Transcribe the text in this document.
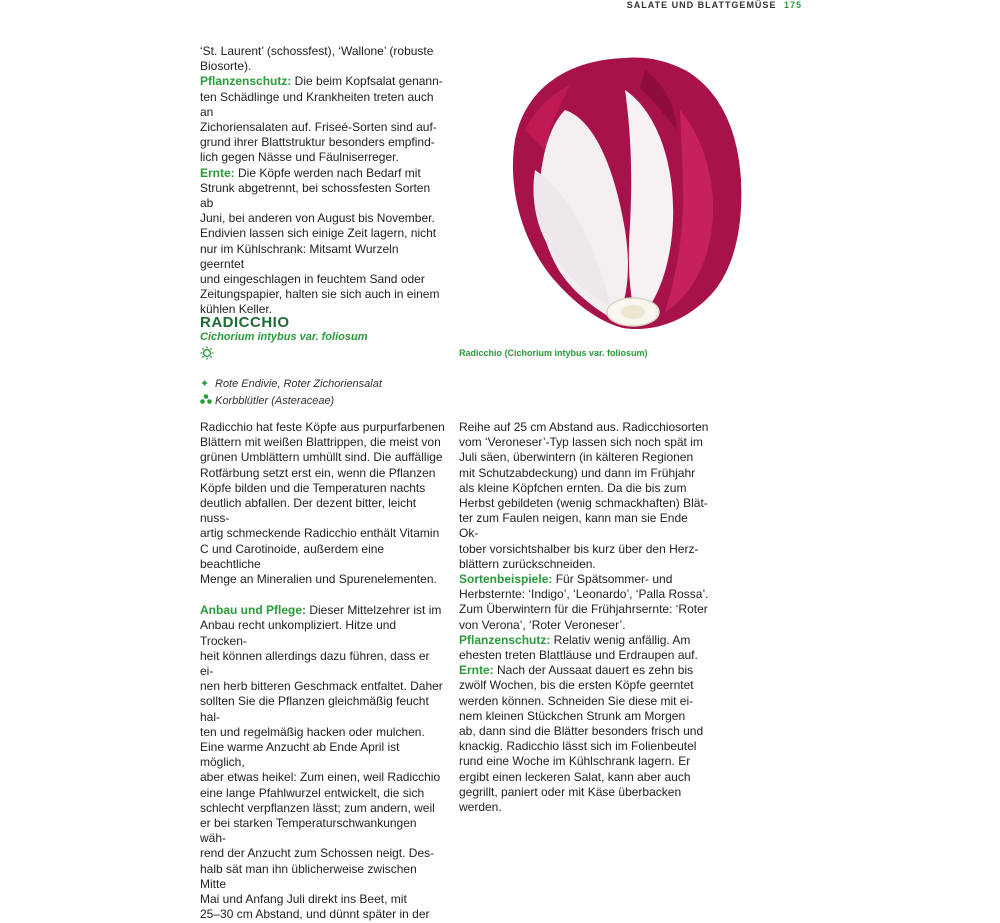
SALATE UND BLATTGEMÜSE 175

‘St. Laurent’ (schossfest), ‘Wallone’ (robuste

Biosorte).

Pflanzenschutz: Die beim Kopfsalat genann-

ten Schädlinge und Krankheiten treten auch an

Zichoriensalaten auf. Friseé-Sorten sind auf-

grund ihrer Blattstruktur besonders empfind-

lich gegen Nässe und Fäulniserreger.

Ernte: Die Köpfe werden nach Bedarf mit

Strunk abgetrennt, bei schossfesten Sorten ab

Juni, bei anderen von August bis November.

Endivien lassen sich einige Zeit lagern, nicht

nur im Kühlschrank: Mitsamt Wurzeln geerntet

und eingeschlagen in feuchtem Sand oder

Zeitungspapier, halten sie sich auch in einem

kühlen Keller.

Radicchio (Cichorium intybus var. foliosum)
RADICCHIO
Cichorium intybus var. foliosum
✦ Rote Endivie, Roter Zichoriensalat
Korbblütler (Asteraceae)

Radicchio hat feste Köpfe aus purpurfarbenen

Blättern mit weißen Blattrippen, die meist von

grünen Umblättern umhüllt sind. Die auffällige

Rotfärbung setzt erst ein, wenn die Pflanzen

Köpfe bilden und die Temperaturen nachts

deutlich abfallen. Der dezent bitter, leicht nuss-

artig schmeckende Radicchio enthält Vitamin

C und Carotinoide, außerdem eine beachtliche

Menge an Mineralien und Spurenelementen.

Anbau und Pflege: Dieser Mittelzehrer ist im

Anbau recht unkompliziert. Hitze und Trocken-

heit können allerdings dazu führen, dass er ei-

nen herb bitteren Geschmack entfaltet. Daher

sollten Sie die Pflanzen gleichmäßig feucht hal-

ten und regelmäßig hacken oder mulchen.

Eine warme Anzucht ab Ende April ist möglich,

aber etwas heikel: Zum einen, weil Radicchio

eine lange Pfahlwurzel entwickelt, die sich

schlecht verpflanzen lässt; zum andern, weil

er bei starken Temperaturschwankungen wäh-

rend der Anzucht zum Schossen neigt. Des-

halb sät man ihn üblicherweise zwischen Mitte

Mai und Anfang Juli direkt ins Beet, mit

25–30 cm Abstand, und dünnt später in der

Reihe auf 25 cm Abstand aus. Radicchiosorten

vom ‘Veroneser’-Typ lassen sich noch spät im

Juli säen, überwintern (in kälteren Regionen

mit Schutzabdeckung) und dann im Frühjahr

als kleine Köpfchen ernten. Da die bis zum

Herbst gebildeten (wenig schmackhaften) Blät-

ter zum Faulen neigen, kann man sie Ende Ok-

tober vorsichtshalber bis kurz über den Herz-

blättern zurückschneiden.

Sortenbeispiele: Für Spätsommer- und

Herbsternte: ‘Indigo’, ‘Leonardo’, ‘Palla Rossa’.

Zum Überwintern für die Frühjahrsernte: ‘Roter

von Verona’, ‘Roter Veroneser’.

Pflanzenschutz: Relativ wenig anfällig. Am

ehesten treten Blattläuse und Erdraupen auf.

Ernte: Nach der Aussaat dauert es zehn bis

zwölf Wochen, bis die ersten Köpfe geerntet

werden können. Schneiden Sie diese mit ei-

nem kleinen Stückchen Strunk am Morgen

ab, dann sind die Blätter besonders frisch und

knackig. Radicchio lässt sich im Folienbeutel

rund eine Woche im Kühlschrank lagern. Er

ergibt einen leckeren Salat, kann aber auch

gegrillt, paniert oder mit Käse überbacken

werden.
